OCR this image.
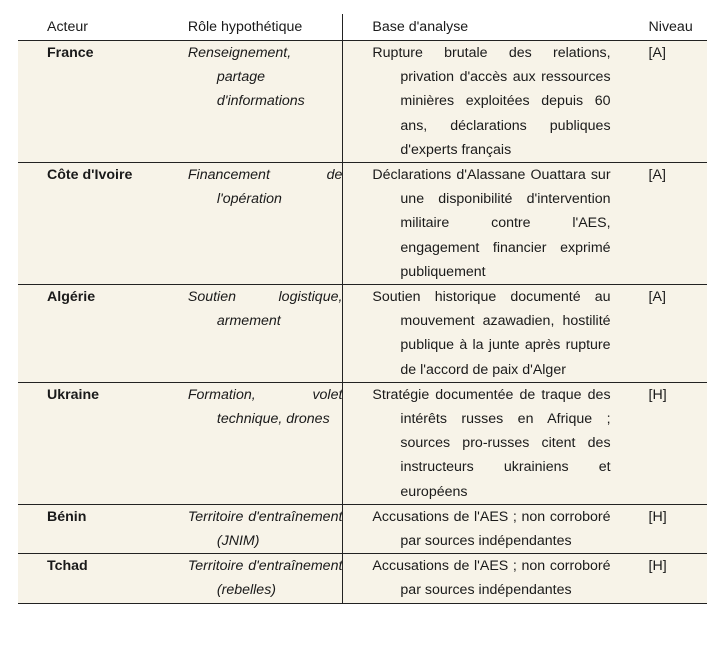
Acteur	Rôle hypothétique	Base d'analyse	Niveau
France	Renseignement, partage d'informations	Rupture brutale des relations, privation d'accès aux ressources minières exploitées depuis 60 ans, déclarations publiques d'experts français	[A]
Côte d'Ivoire	Financement de l'opération	Déclarations d'Alassane Ouattara sur une disponibilité d'intervention militaire contre l'AES, engagement financier exprimé publiquement	[A]
Algérie	Soutien logistique, armement	Soutien historique documenté au mouvement azawadien, hostilité publique à la junte après rupture de l'accord de paix d'Alger	[A]
Ukraine	Formation, volet technique, drones	Stratégie documentée de traque des intérêts russes en Afrique ; sources pro-russes citent des instructeurs ukrainiens et européens	[H]
Bénin	Territoire d'entraînement (JNIM)	Accusations de l'AES ; non corroboré par sources indépendantes	[H]
Tchad	Territoire d'entraînement (rebelles)	Accusations de l'AES ; non corroboré par sources indépendantes	[H]
